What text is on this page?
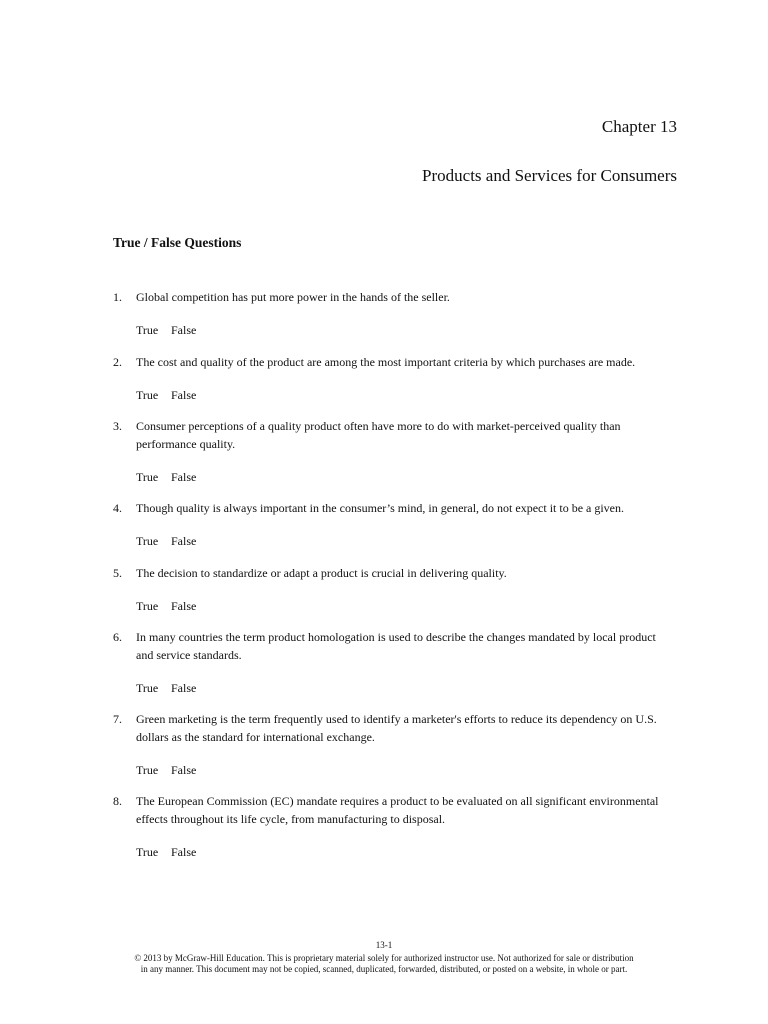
Chapter 13
Products and Services for Consumers
True / False Questions
1. Global competition has put more power in the hands of the seller.
True False
2. The cost and quality of the product are among the most important criteria by which purchases are made.
True False
3. Consumer perceptions of a quality product often have more to do with market-perceived quality than performance quality.
True False
4. Though quality is always important in the consumer’s mind, in general, do not expect it to be a given.
True False
5. The decision to standardize or adapt a product is crucial in delivering quality.
True False
6. In many countries the term product homologation is used to describe the changes mandated by local product and service standards.
True False
7. Green marketing is the term frequently used to identify a marketer's efforts to reduce its dependency on U.S. dollars as the standard for international exchange.
True False
8. The European Commission (EC) mandate requires a product to be evaluated on all significant environmental effects throughout its life cycle, from manufacturing to disposal.
True False
13-1
© 2013 by McGraw-Hill Education. This is proprietary material solely for authorized instructor use. Not authorized for sale or distribution
in any manner. This document may not be copied, scanned, duplicated, forwarded, distributed, or posted on a website, in whole or part.
